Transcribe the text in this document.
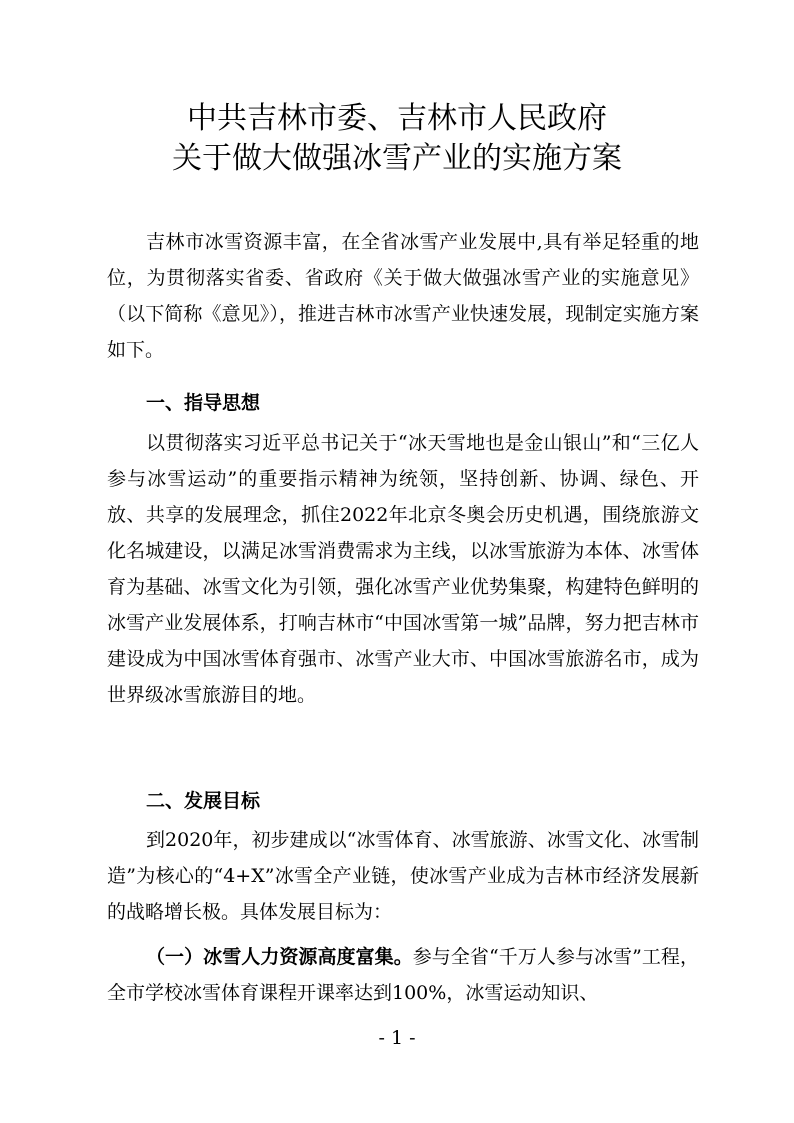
中共吉林市委、吉林市人民政府
关于做大做强冰雪产业的实施方案

吉林市冰雪资源丰富，在全省冰雪产业发展中,具有举足轻重的地位，为贯彻落实省委、省政府《关于做大做强冰雪产业的实施意见》（以下简称《意见》），推进吉林市冰雪产业快速发展，现制定实施方案如下。

一、指导思想

以贯彻落实习近平总书记关于“冰天雪地也是金山银山”和“三亿人参与冰雪运动”的重要指示精神为统领，坚持创新、协调、绿色、开放、共享的发展理念，抓住2022年北京冬奥会历史机遇，围绕旅游文化名城建设，以满足冰雪消费需求为主线，以冰雪旅游为本体、冰雪体育为基础、冰雪文化为引领，强化冰雪产业优势集聚，构建特色鲜明的冰雪产业发展体系，打响吉林市“中国冰雪第一城”品牌，努力把吉林市建设成为中国冰雪体育强市、冰雪产业大市、中国冰雪旅游名市，成为世界级冰雪旅游目的地。

二、发展目标

到2020年，初步建成以“冰雪体育、冰雪旅游、冰雪文化、冰雪制造”为核心的“4+X”冰雪全产业链，使冰雪产业成为吉林市经济发展新的战略增长极。具体发展目标为：

（一）冰雪人力资源高度富集。参与全省“千万人参与冰雪”工程，全市学校冰雪体育课程开课率达到100%，冰雪运动知识、

- 1 -
